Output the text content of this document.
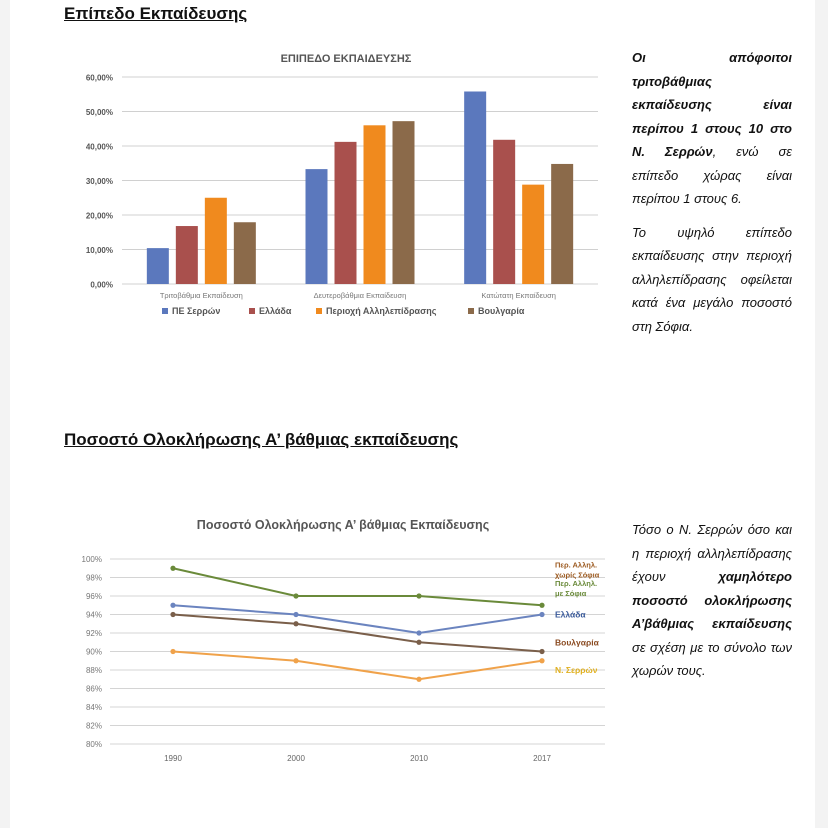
Επίπεδο Εκπαίδευσης
ΕΠΙΠΕΔΟ ΕΚΠΑΙΔΕΥΣΗΣ
0,00%
10,00%
20,00%
30,00%
40,00%
50,00%
60,00%
Τριτοβάθμια Εκπαίδευση	Δευτεροβάθμια Εκπαίδευση	Κατώτατη Εκπαίδευση
ΠΕ Σερρών	Ελλάδα	Περιοχή Αλληλεπίδρασης	Βουλγαρία

Οι απόφοιτοι τριτοβάθμιας εκπαίδευσης είναι περίπου 1 στους 10 στο Ν. Σερρών, ενώ σε επίπεδο χώρας είναι περίπου 1 στους 6.

Το υψηλό επίπεδο εκπαίδευσης στην περιοχή αλληλεπίδρασης οφείλεται κατά ένα μεγάλο ποσοστό στη Σόφια.

Ποσοστό Ολοκλήρωσης Α’ βάθμιας εκπαίδευσης
Ποσοστό Ολοκλήρωσης Α’ βάθμιας Εκπαίδευσης
80%
82%
84%
86%
88%
90%
92%
94%
96%
98%
100%
1990	2000	2010	2017
Περ. Αλληλ.
χωρίς Σόφια
Περ. Αλληλ.
με Σόφια
Ελλάδα
Βουλγαρία
Ν. Σερρών

Τόσο ο Ν. Σερρών όσο και η περιοχή αλληλεπίδρασης έχουν χαμηλότερο ποσοστό ολοκλήρωσης Α’βάθμιας εκπαίδευσης σε σχέση με το σύνολο των χωρών τους.
